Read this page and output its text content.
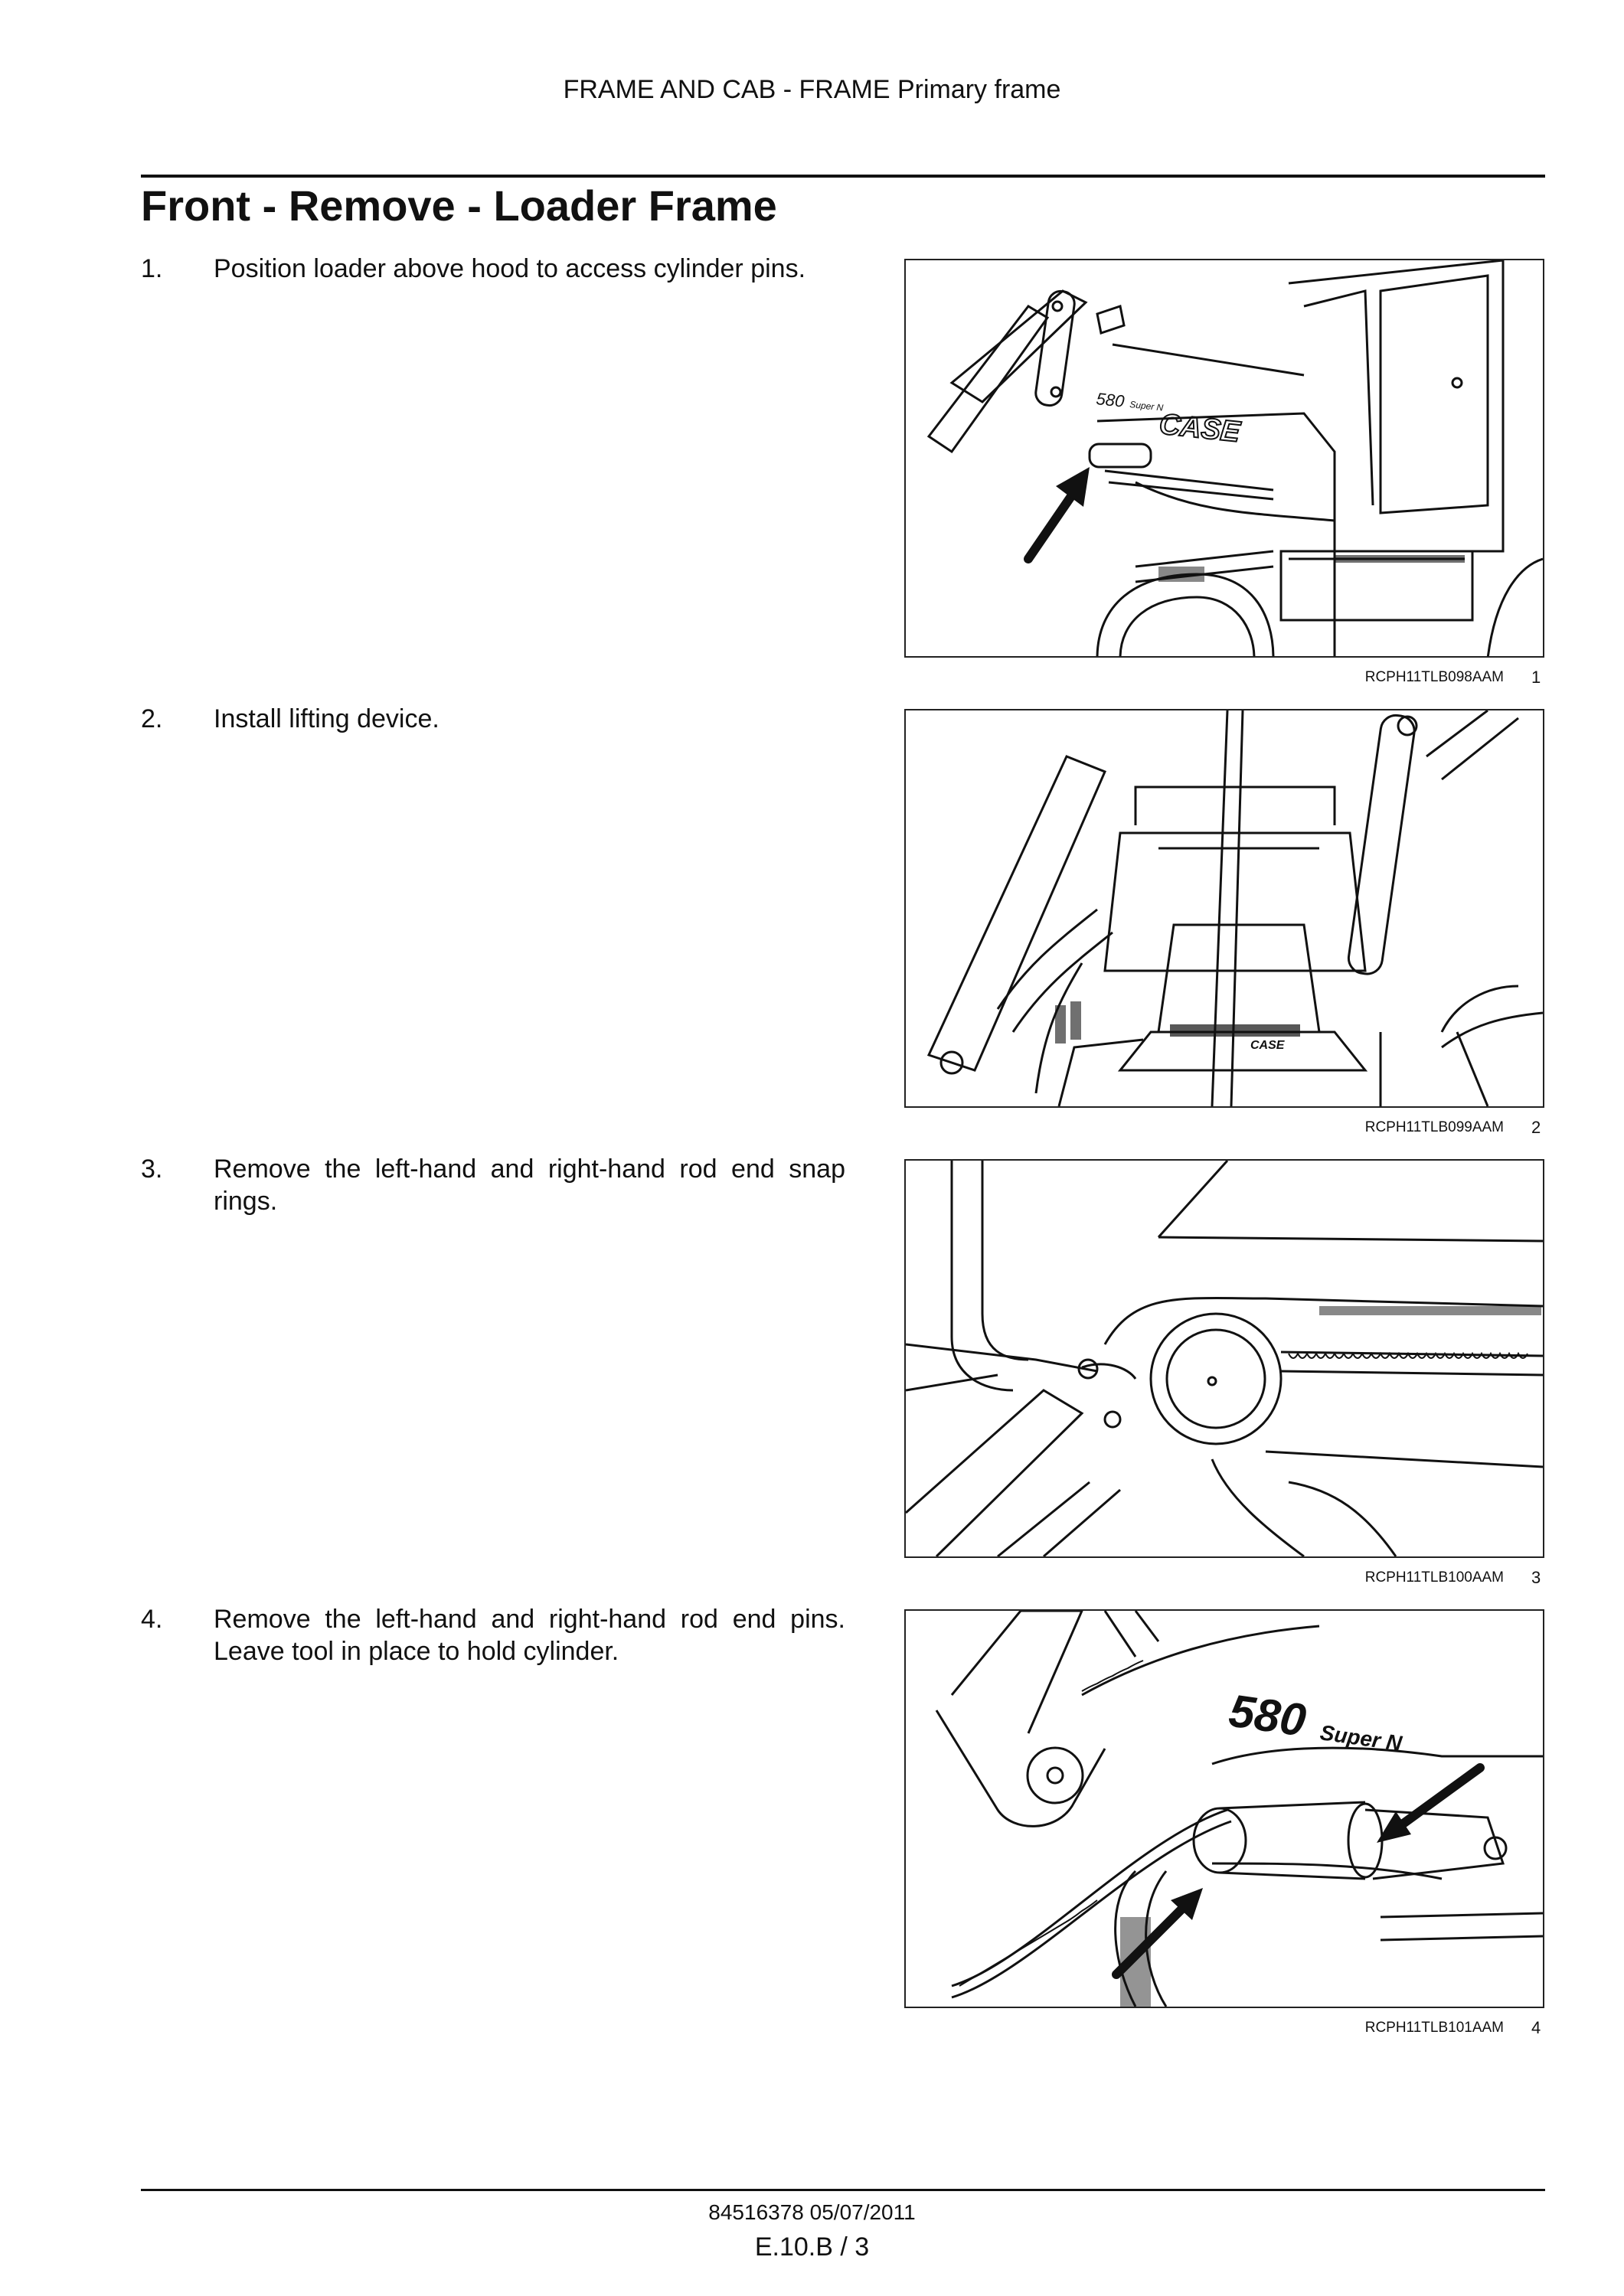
FRAME AND CAB - FRAME Primary frame
Front - Remove - Loader Frame
1. Position loader above hood to access cylinder pins.
580 Super N
CASE
RCPH11TLB098AAM 1
2. Install lifting device.
CASE
RCPH11TLB099AAM 2
3. Remove the left-hand and right-hand rod end snap rings.
RCPH11TLB100AAM 3
4. Remove the left-hand and right-hand rod end pins. Leave tool in place to hold cylinder.
580 Super N
RCPH11TLB101AAM 4
84516378 05/07/2011
E.10.B / 3
